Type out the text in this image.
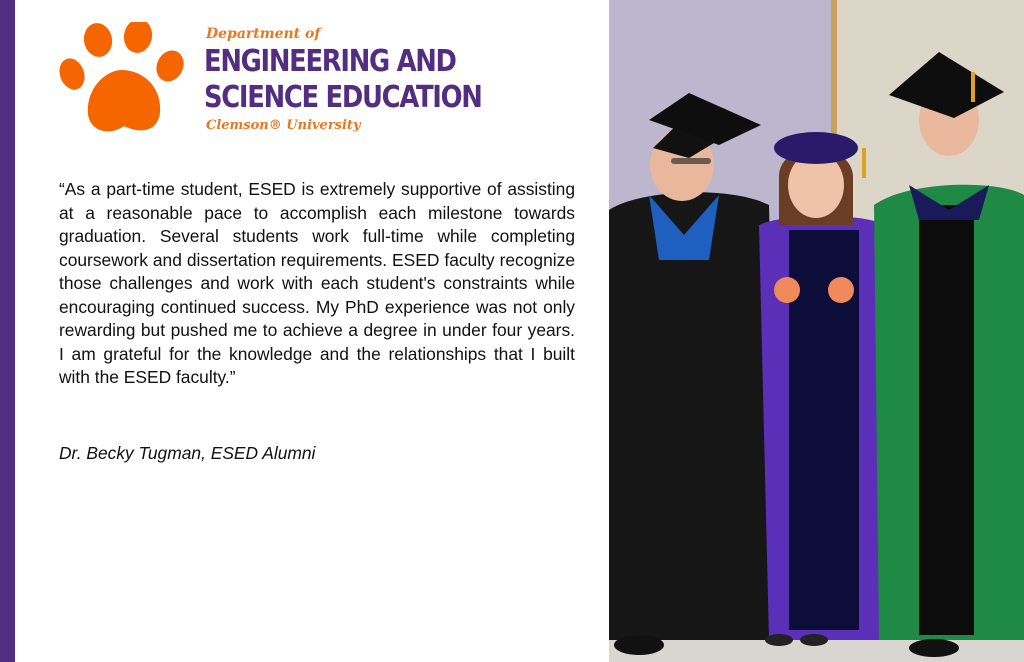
Department of
ENGINEERING AND
SCIENCE EDUCATION
Clemson® University

“As a part-time student, ESED is extremely supportive of assisting at a reasonable pace to accomplish each milestone towards graduation. Several students work full-time while completing coursework and dissertation requirements. ESED faculty recognize those challenges and work with each student's constraints while encouraging continued success. My PhD experience was not only rewarding but pushed me to achieve a degree in under four years. I am grateful for the knowledge and the relationships that I built with the ESED faculty.”

Dr. Becky Tugman, ESED Alumni
